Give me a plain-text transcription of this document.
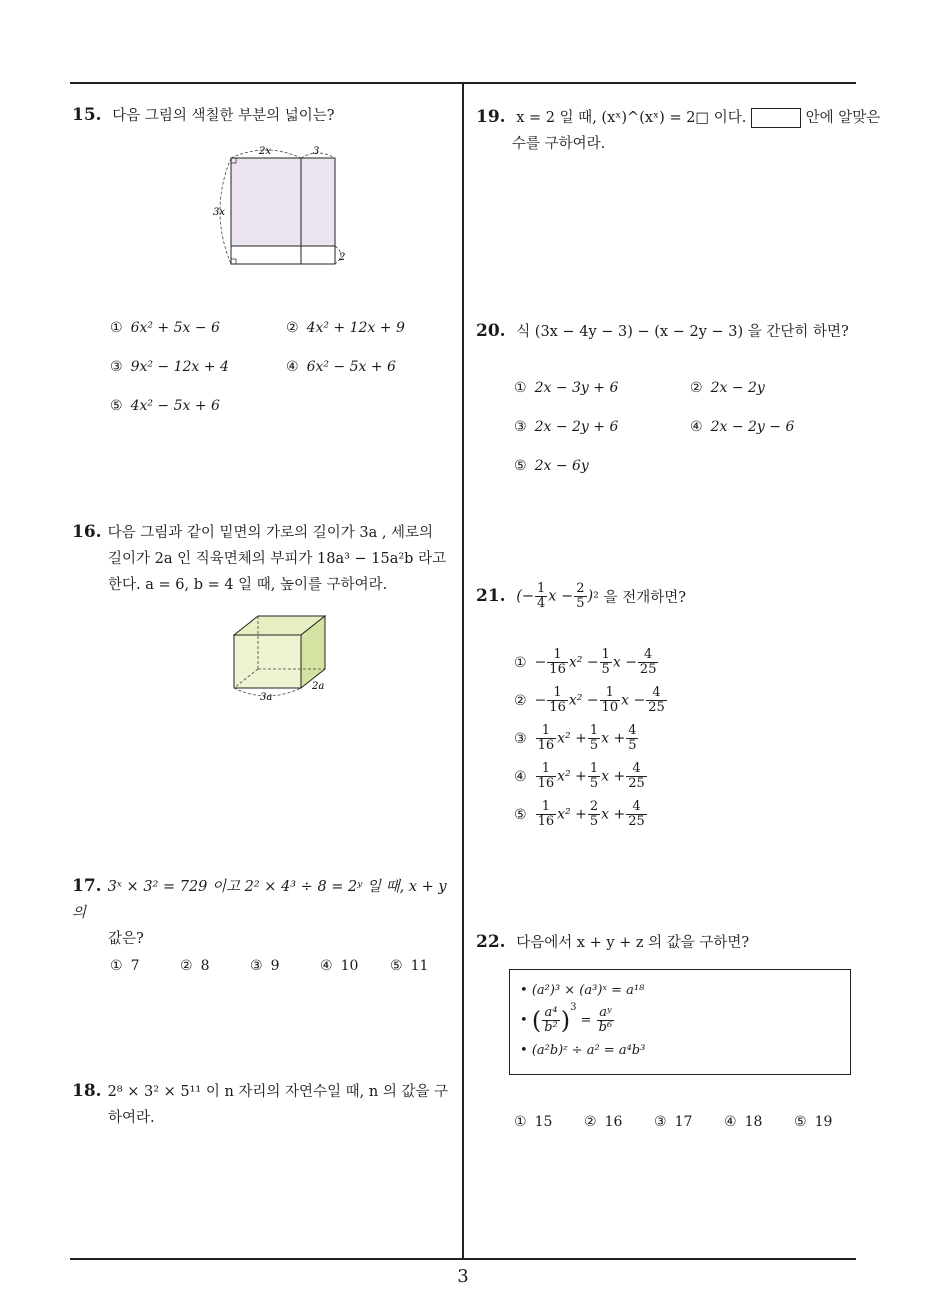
3
15. 다음 그림의 색칠한 부분의 넓이는?
2x	3
3x
2
① 6x² + 5x − 6	② 4x² + 12x + 9
③ 9x² − 12x + 4	④ 6x² − 5x + 6
⑤ 4x² − 5x + 6
16. 다음 그림과 같이 밑면의 가로의 길이가 3a , 세로의
길이가 2a 인 직육면체의 부피가 18a³ − 15a²b 라고
한다. a = 6, b = 4 일 때, 높이를 구하여라.
3a
2a
17. 3ˣ × 3² = 729 이고 2² × 4³ ÷ 8 = 2ʸ 일 때, x + y 의
값은?
① 7	② 8	③ 9	④ 10 ⑤ 11
18. 2⁸ × 3² × 5¹¹ 이 n 자리의 자연수일 때, n 의 값을 구
하여라.
19. x = 2 일 때, (xˣ)^(xˣ) = 2□ 이다.	안에 알맞은
수를 구하여라.
20. 식 (3x − 4y − 3) − (x − 2y − 3) 을 간단히 하면?
① 2x − 3y + 6	② 2x − 2y
③ 2x − 2y + 6	④ 2x − 2y − 6
⑤ 2x − 6y
21. (− $\frac{1}{4}$ $x - \frac{2}{5} )^2$ 을 전개하면?
① − $\frac{1}{16} x^2 - \frac{1}{5}$ $x - \frac{4}{25}$
② − $\frac{1}{16} x^2 - \frac{1}{10}$ $x - \frac{4}{25}$
③ $\frac{1}{16} x^2 + \frac{1}{5}$ $x + \frac{4}{5}$
④ $\frac{1}{16} x^2 + \frac{1}{5}$ $x + \frac{4}{25}$
⑤ $\frac{1}{16} x^2 + \frac{2}{5}$ $x + \frac{4}{25}$
22. 다음에서 x + y + z 의 값을 구하면?
• (a²)³ × (a³)ˣ = a¹⁸
• ( $\frac{\text{a⁴}}{\text{b²}} )^3 = \frac{\text{aʸ}}{\text{b⁶}}$
• (a²b)ᶻ ÷ a² = a⁴b³
① 15 ② 16 ③ 17 ④ 18 ⑤ 19
